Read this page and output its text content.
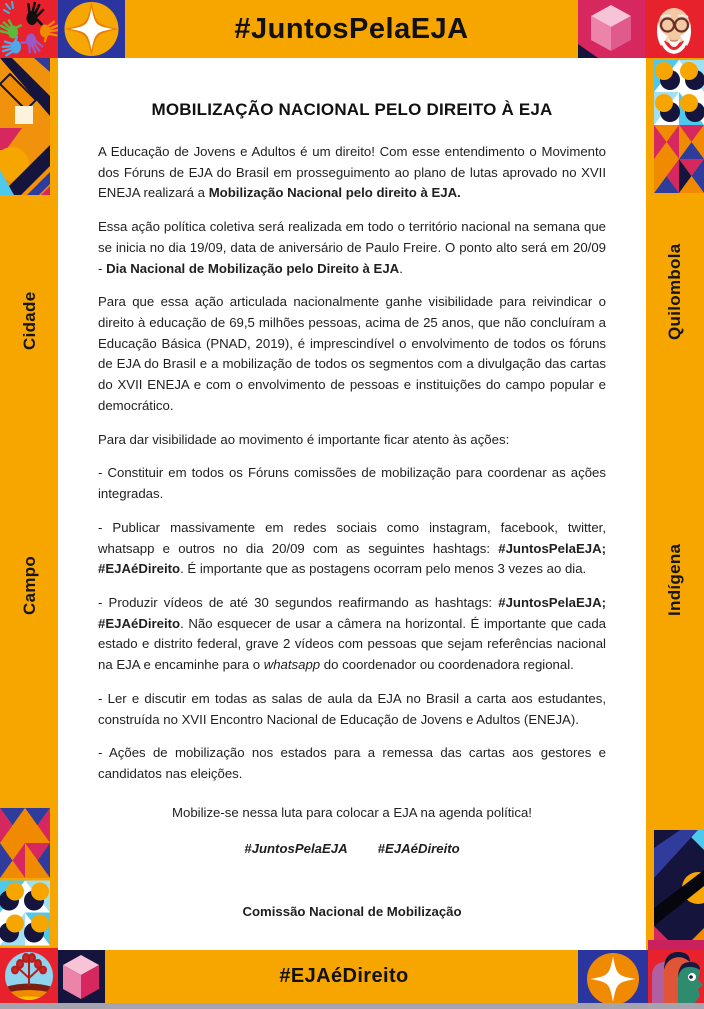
#JuntosPelaEJA
Cidade
Campo
Quilombola
Indígena
MOBILIZAÇÃO NACIONAL PELO DIREITO À EJA

A Educação de Jovens e Adultos é um direito! Com esse entendimento o Movimento dos Fóruns de EJA do Brasil em prosseguimento ao plano de lutas aprovado no XVII ENEJA realizará a Mobilização Nacional pelo direito à EJA.

Essa ação política coletiva será realizada em todo o território nacional na semana que se inicia no dia 19/09, data de aniversário de Paulo Freire. O ponto alto será em 20/09 - Dia Nacional de Mobilização pelo Direito à EJA.

Para que essa ação articulada nacionalmente ganhe visibilidade para reivindicar o direito à educação de 69,5 milhões pessoas, acima de 25 anos, que não concluíram a Educação Básica (PNAD, 2019), é imprescindível o envolvimento de todos os fóruns de EJA do Brasil e a mobilização de todos os segmentos com a divulgação das cartas do XVII ENEJA e com o envolvimento de pessoas e instituições do campo popular e democrático.

Para dar visibilidade ao movimento é importante ficar atento às ações:

- Constituir em todos os Fóruns comissões de mobilização para coordenar as ações integradas.

- Publicar massivamente em redes sociais como instagram, facebook, twitter, whatsapp e outros no dia 20/09 com as seguintes hashtags: #JuntosPelaEJA; #EJAéDireito. É importante que as postagens ocorram pelo menos 3 vezes ao dia.

- Produzir vídeos de até 30 segundos reafirmando as hashtags: #JuntosPelaEJA; #EJAéDireito. Não esquecer de usar a câmera na horizontal. É importante que cada estado e distrito federal, grave 2 vídeos com pessoas que sejam referências nacional na EJA e encaminhe para o whatsapp do coordenador ou coordenadora regional.

- Ler e discutir em todas as salas de aula da EJA no Brasil a carta aos estudantes, construída no XVII Encontro Nacional de Educação de Jovens e Adultos (ENEJA).

- Ações de mobilização nos estados para a remessa das cartas aos gestores e candidatos nas eleições.

Mobilize-se nessa luta para colocar a EJA na agenda política!

#JuntosPelaEJA #EJAéDireito

Comissão Nacional de Mobilização

#EJAéDireito
